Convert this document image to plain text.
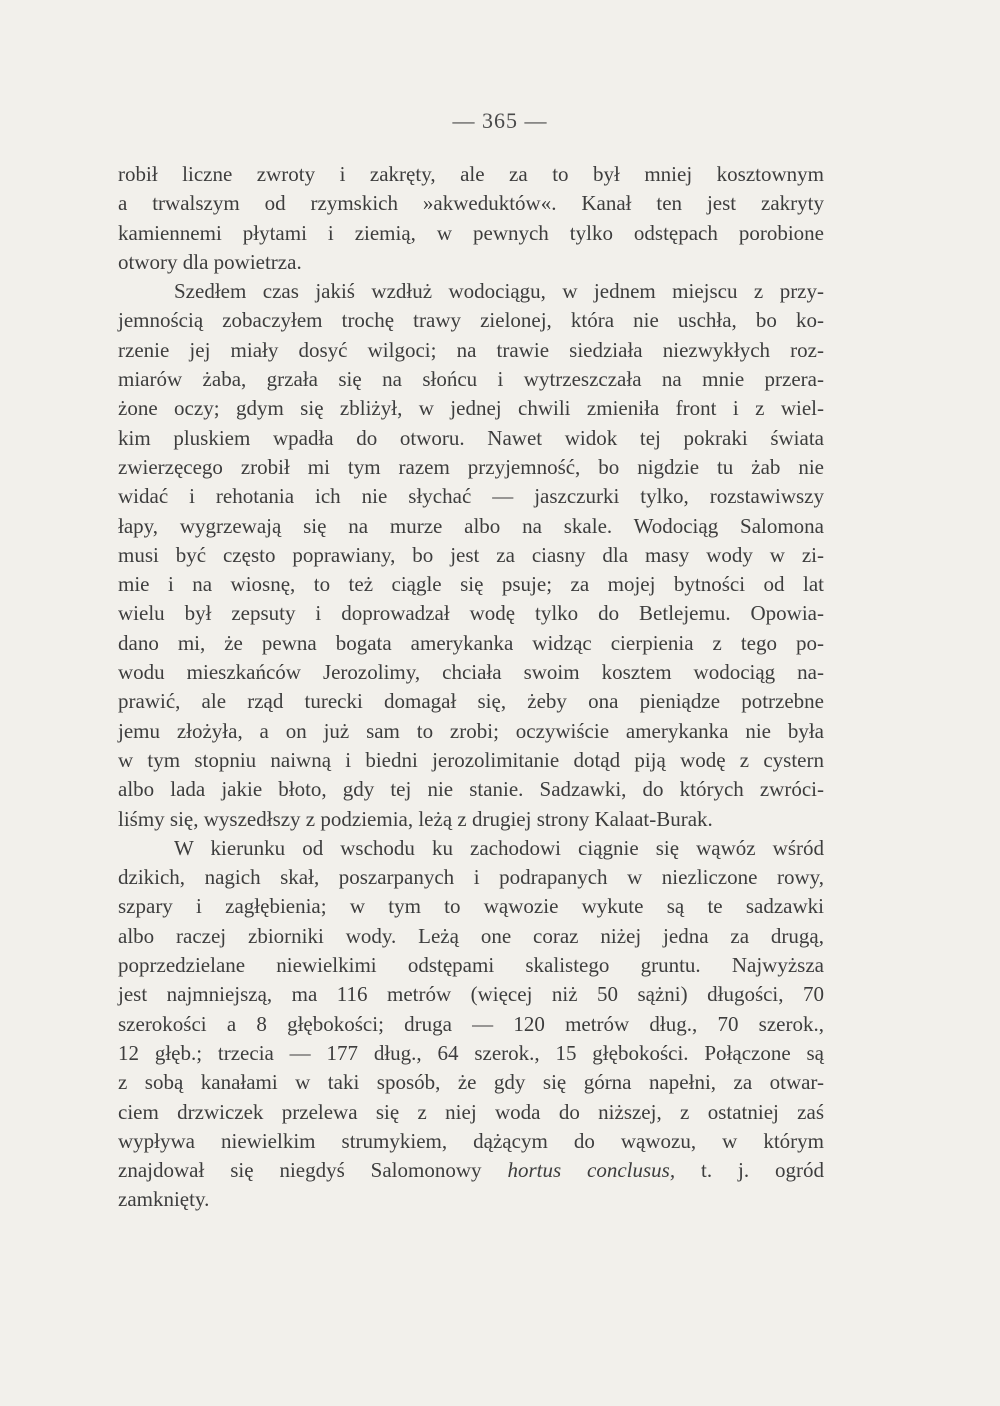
— 365 —
robił liczne zwroty i zakręty, ale za to był mniej kosztownym
a trwalszym od rzymskich »akweduktów«. Kanał ten jest zakryty
kamiennemi płytami i ziemią, w pewnych tylko odstępach porobione
otwory dla powietrza.
Szedłem czas jakiś wzdłuż wodociągu, w jednem miejscu z przy-
jemnością zobaczyłem trochę trawy zielonej, która nie uschła, bo ko-
rzenie jej miały dosyć wilgoci; na trawie siedziała niezwykłych roz-
miarów żaba, grzała się na słońcu i wytrzeszczała na mnie przera-
żone oczy; gdym się zbliżył, w jednej chwili zmieniła front i z wiel-
kim pluskiem wpadła do otworu. Nawet widok tej pokraki świata
zwierzęcego zrobił mi tym razem przyjemność, bo nigdzie tu żab nie
widać i rehotania ich nie słychać — jaszczurki tylko, rozstawiwszy
łapy, wygrzewają się na murze albo na skale. Wodociąg Salomona
musi być często poprawiany, bo jest za ciasny dla masy wody w zi-
mie i na wiosnę, to też ciągle się psuje; za mojej bytności od lat
wielu był zepsuty i doprowadzał wodę tylko do Betlejemu. Opowia-
dano mi, że pewna bogata amerykanka widząc cierpienia z tego po-
wodu mieszkańców Jerozolimy, chciała swoim kosztem wodociąg na-
prawić, ale rząd turecki domagał się, żeby ona pieniądze potrzebne
jemu złożyła, a on już sam to zrobi; oczywiście amerykanka nie była
w tym stopniu naiwną i biedni jerozolimitanie dotąd piją wodę z cystern
albo lada jakie błoto, gdy tej nie stanie. Sadzawki, do których zwróci-
liśmy się, wyszedłszy z podziemia, leżą z drugiej strony Kalaat-Burak.
W kierunku od wschodu ku zachodowi ciągnie się wąwóz wśród
dzikich, nagich skał, poszarpanych i podrapanych w niezliczone rowy,
szpary i zagłębienia; w tym to wąwozie wykute są te sadzawki
albo raczej zbiorniki wody. Leżą one coraz niżej jedna za drugą,
poprzedzielane niewielkimi odstępami skalistego gruntu. Najwyższa
jest najmniejszą, ma 116 metrów (więcej niż 50 sążni) długości, 70
szerokości a 8 głębokości; druga — 120 metrów dług., 70 szerok.,
12 głęb.; trzecia — 177 dług., 64 szerok., 15 głębokości. Połączone są
z sobą kanałami w taki sposób, że gdy się górna napełni, za otwar-
ciem drzwiczek przelewa się z niej woda do niższej, z ostatniej zaś
wypływa niewielkim strumykiem, dążącym do wąwozu, w którym
znajdował się niegdyś Salomonowy hortus conclusus, t. j. ogród
zamknięty.
